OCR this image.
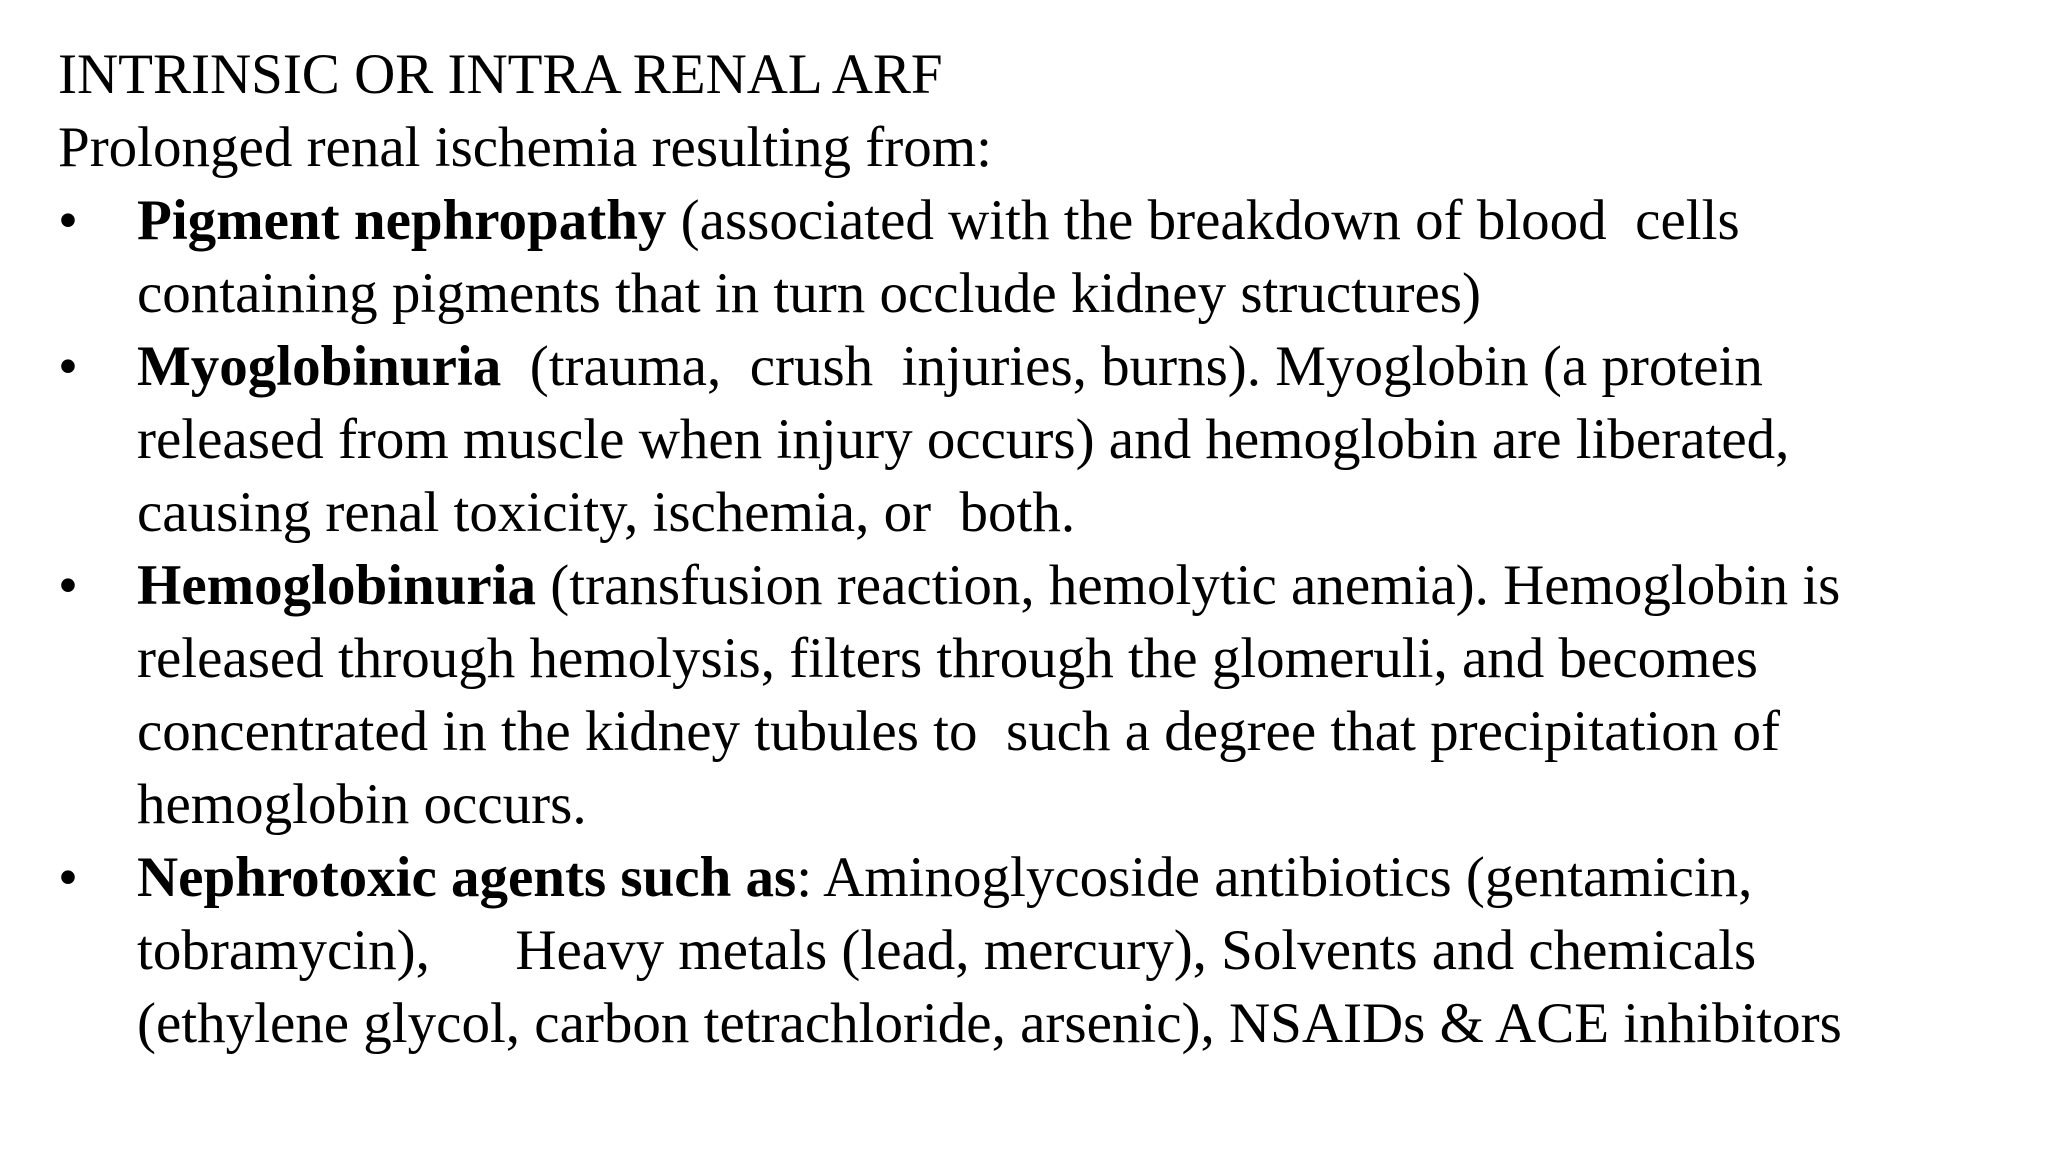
INTRINSIC OR INTRA RENAL ARF

Prolonged renal ischemia resulting from:

•	Pigment nephropathy (associated with the breakdown of blood  cells
containing pigments that in turn occlude kidney structures)
•	Myoglobinuria  (trauma,  crush  injuries, burns). Myoglobin (a protein
released from muscle when injury occurs) and hemoglobin are liberated,
causing renal toxicity, ischemia, or  both.
•	Hemoglobinuria (transfusion reaction, hemolytic anemia). Hemoglobin is
released through hemolysis, filters through the glomeruli, and becomes
concentrated in the kidney tubules to  such a degree that precipitation of
hemoglobin occurs.
•	Nephrotoxic agents such as: Aminoglycoside antibiotics (gentamicin,
tobramycin),      Heavy metals (lead, mercury), Solvents and chemicals
(ethylene glycol, carbon tetrachloride, arsenic), NSAIDs & ACE inhibitors
